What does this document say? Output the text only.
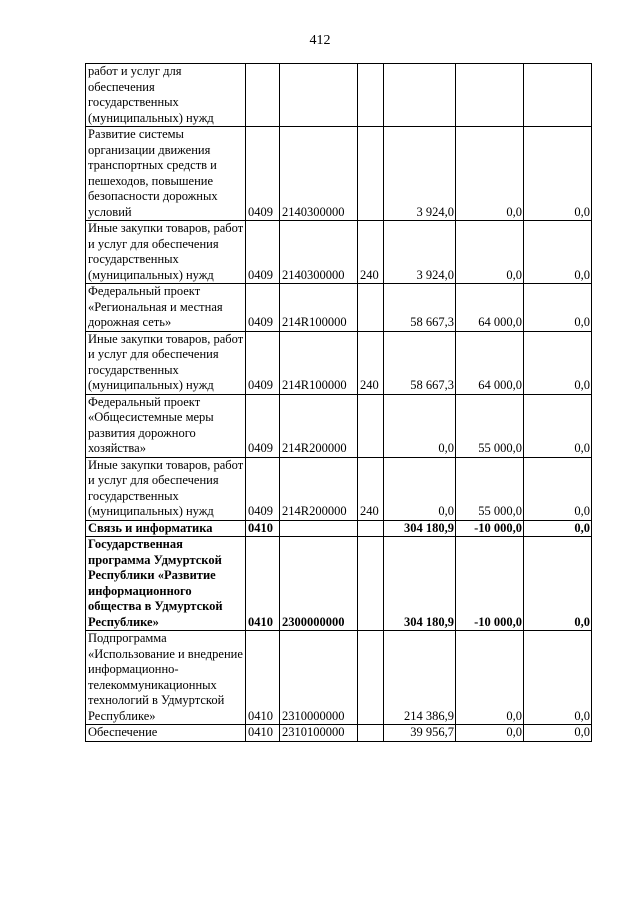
412
работ и услуг для обеспечения государственных (муниципальных) нужд						
Развитие системы организации движения транспортных средств и пешеходов, повышение безопасности дорожных условий	0409	2140300000		3 924,0	0,0	0,0
Иные закупки товаров, работ и услуг для обеспечения государственных (муниципальных) нужд	0409	2140300000	240	3 924,0	0,0	0,0
Федеральный проект «Региональная и местная дорожная сеть»	0409	214R100000		58 667,3	64 000,0	0,0
Иные закупки товаров, работ и услуг для обеспечения государственных (муниципальных) нужд	0409	214R100000	240	58 667,3	64 000,0	0,0
Федеральный проект «Общесистемные меры развития дорожного хозяйства»	0409	214R200000		0,0	55 000,0	0,0
Иные закупки товаров, работ и услуг для обеспечения государственных (муниципальных) нужд	0409	214R200000	240	0,0	55 000,0	0,0
Связь и информатика	0410			304 180,9	-10 000,0	0,0
Государственная программа Удмуртской Республики «Развитие информационного общества в Удмуртской Республике»	0410	2300000000		304 180,9	-10 000,0	0,0
Подпрограмма «Использование и внедрение информационно-телекоммуникационных технологий в Удмуртской Республике»	0410	2310000000		214 386,9	0,0	0,0
Обеспечение	0410	2310100000		39 956,7	0,0	0,0
